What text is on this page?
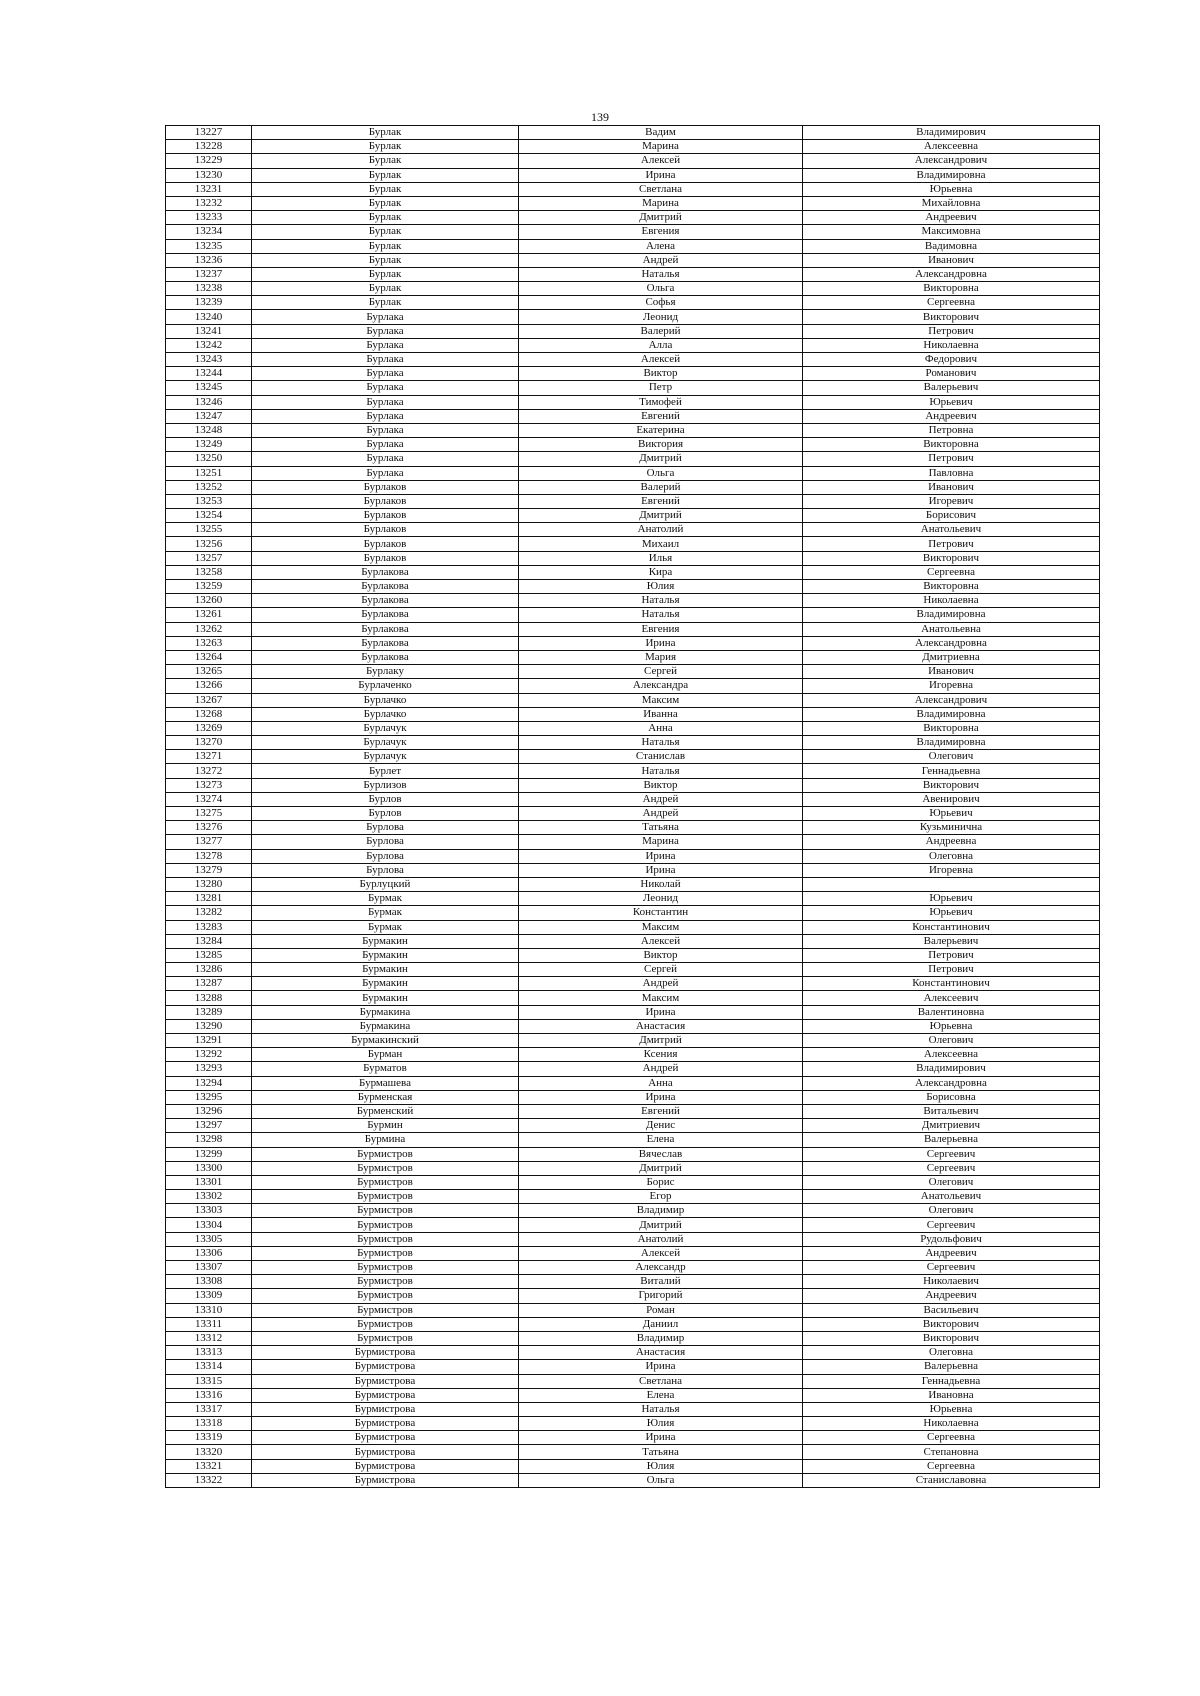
139
13227	Бурлак	Вадим	Владимирович
13228	Бурлак	Марина	Алексеевна
13229	Бурлак	Алексей	Александрович
13230	Бурлак	Ирина	Владимировна
13231	Бурлак	Светлана	Юрьевна
13232	Бурлак	Марина	Михайловна
13233	Бурлак	Дмитрий	Андреевич
13234	Бурлак	Евгения	Максимовна
13235	Бурлак	Алена	Вадимовна
13236	Бурлак	Андрей	Иванович
13237	Бурлак	Наталья	Александровна
13238	Бурлак	Ольга	Викторовна
13239	Бурлак	Софья	Сергеевна
13240	Бурлака	Леонид	Викторович
13241	Бурлака	Валерий	Петрович
13242	Бурлака	Алла	Николаевна
13243	Бурлака	Алексей	Федорович
13244	Бурлака	Виктор	Романович
13245	Бурлака	Петр	Валерьевич
13246	Бурлака	Тимофей	Юрьевич
13247	Бурлака	Евгений	Андреевич
13248	Бурлака	Екатерина	Петровна
13249	Бурлака	Виктория	Викторовна
13250	Бурлака	Дмитрий	Петрович
13251	Бурлака	Ольга	Павловна
13252	Бурлаков	Валерий	Иванович
13253	Бурлаков	Евгений	Игоревич
13254	Бурлаков	Дмитрий	Борисович
13255	Бурлаков	Анатолий	Анатольевич
13256	Бурлаков	Михаил	Петрович
13257	Бурлаков	Илья	Викторович
13258	Бурлакова	Кира	Сергеевна
13259	Бурлакова	Юлия	Викторовна
13260	Бурлакова	Наталья	Николаевна
13261	Бурлакова	Наталья	Владимировна
13262	Бурлакова	Евгения	Анатольевна
13263	Бурлакова	Ирина	Александровна
13264	Бурлакова	Мария	Дмитриевна
13265	Бурлаку	Сергей	Иванович
13266	Бурлаченко	Александра	Игоревна
13267	Бурлачко	Максим	Александрович
13268	Бурлачко	Иванна	Владимировна
13269	Бурлачук	Анна	Викторовна
13270	Бурлачук	Наталья	Владимировна
13271	Бурлачук	Станислав	Олегович
13272	Бурлет	Наталья	Геннадьевна
13273	Бурлизов	Виктор	Викторович
13274	Бурлов	Андрей	Авенирович
13275	Бурлов	Андрей	Юрьевич
13276	Бурлова	Татьяна	Кузьминична
13277	Бурлова	Марина	Андреевна
13278	Бурлова	Ирина	Олеговна
13279	Бурлова	Ирина	Игоревна
13280	Бурлуцкий	Николай	
13281	Бурмак	Леонид	Юрьевич
13282	Бурмак	Константин	Юрьевич
13283	Бурмак	Максим	Константинович
13284	Бурмакин	Алексей	Валерьевич
13285	Бурмакин	Виктор	Петрович
13286	Бурмакин	Сергей	Петрович
13287	Бурмакин	Андрей	Константинович
13288	Бурмакин	Максим	Алексеевич
13289	Бурмакина	Ирина	Валентиновна
13290	Бурмакина	Анастасия	Юрьевна
13291	Бурмакинский	Дмитрий	Олегович
13292	Бурман	Ксения	Алексеевна
13293	Бурматов	Андрей	Владимирович
13294	Бурмашева	Анна	Александровна
13295	Бурменская	Ирина	Борисовна
13296	Бурменский	Евгений	Витальевич
13297	Бурмин	Денис	Дмитриевич
13298	Бурмина	Елена	Валерьевна
13299	Бурмистров	Вячеслав	Сергеевич
13300	Бурмистров	Дмитрий	Сергеевич
13301	Бурмистров	Борис	Олегович
13302	Бурмистров	Егор	Анатольевич
13303	Бурмистров	Владимир	Олегович
13304	Бурмистров	Дмитрий	Сергеевич
13305	Бурмистров	Анатолий	Рудольфович
13306	Бурмистров	Алексей	Андреевич
13307	Бурмистров	Александр	Сергеевич
13308	Бурмистров	Виталий	Николаевич
13309	Бурмистров	Григорий	Андреевич
13310	Бурмистров	Роман	Васильевич
13311	Бурмистров	Даниил	Викторович
13312	Бурмистров	Владимир	Викторович
13313	Бурмистрова	Анастасия	Олеговна
13314	Бурмистрова	Ирина	Валерьевна
13315	Бурмистрова	Светлана	Геннадьевна
13316	Бурмистрова	Елена	Ивановна
13317	Бурмистрова	Наталья	Юрьевна
13318	Бурмистрова	Юлия	Николаевна
13319	Бурмистрова	Ирина	Сергеевна
13320	Бурмистрова	Татьяна	Степановна
13321	Бурмистрова	Юлия	Сергеевна
13322	Бурмистрова	Ольга	Станиславовна
